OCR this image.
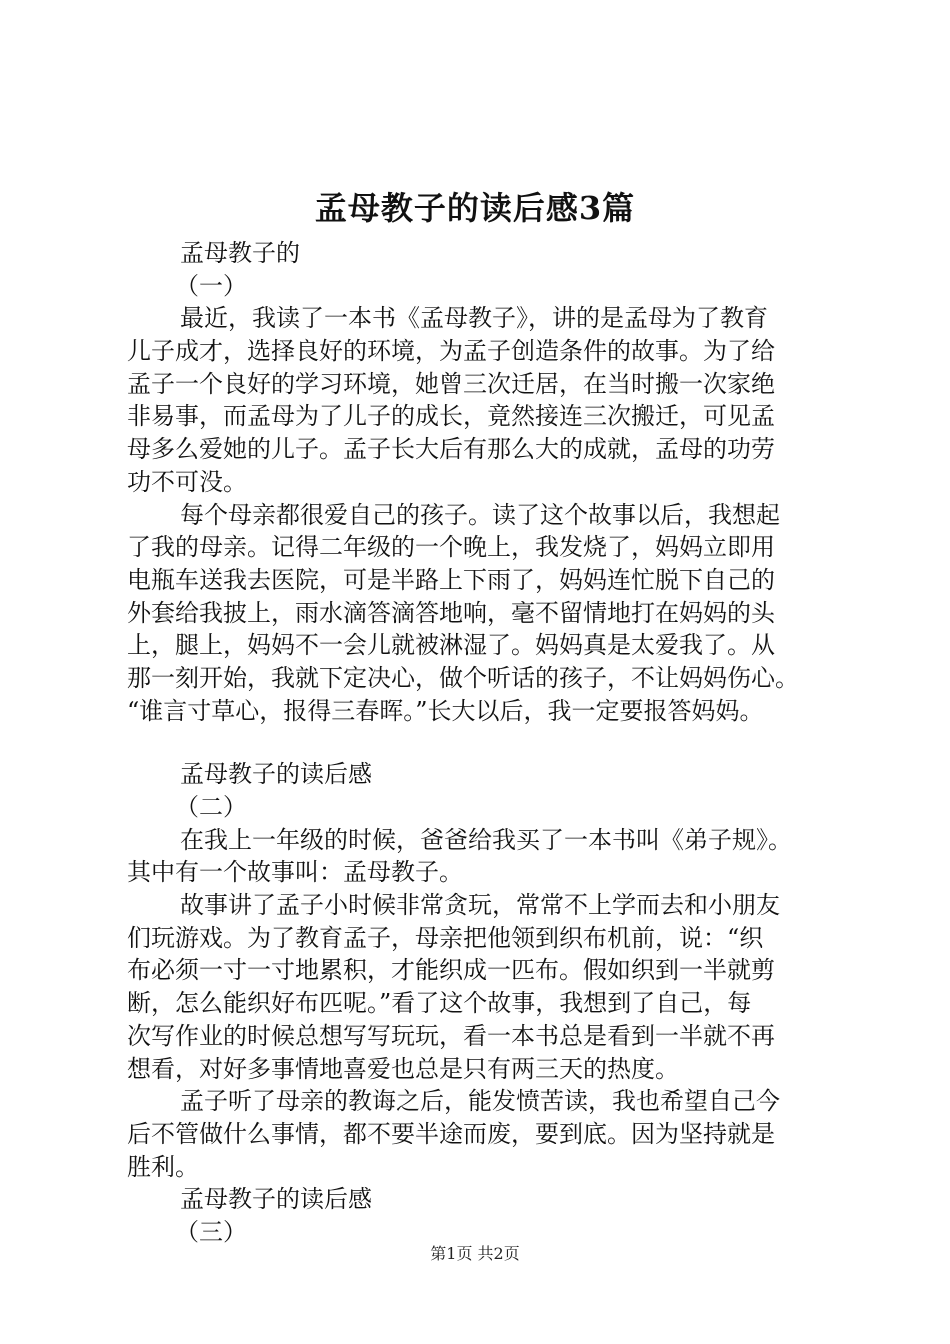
孟母教子的读后感3篇
孟母教子的
（一）
最近，我读了一本书《孟母教子》，讲的是孟母为了教育
儿子成才，选择良好的环境，为孟子创造条件的故事。为了给
孟子一个良好的学习环境，她曾三次迁居，在当时搬一次家绝
非易事，而孟母为了儿子的成长，竟然接连三次搬迁，可见孟
母多么爱她的儿子。孟子长大后有那么大的成就，孟母的功劳
功不可没。
每个母亲都很爱自己的孩子。读了这个故事以后，我想起
了我的母亲。记得二年级的一个晚上，我发烧了，妈妈立即用
电瓶车送我去医院，可是半路上下雨了，妈妈连忙脱下自己的
外套给我披上，雨水滴答滴答地响，毫不留情地打在妈妈的头
上，腿上，妈妈不一会儿就被淋湿了。妈妈真是太爱我了。从
那一刻开始，我就下定决心，做个听话的孩子，不让妈妈伤心。
“谁言寸草心，报得三春晖。”长大以后，我一定要报答妈妈。
孟母教子的读后感
（二）
在我上一年级的时候，爸爸给我买了一本书叫《弟子规》。
其中有一个故事叫：孟母教子。
故事讲了孟子小时候非常贪玩，常常不上学而去和小朋友
们玩游戏。为了教育孟子，母亲把他领到织布机前，说：“织
布必须一寸一寸地累积，才能织成一匹布。假如织到一半就剪
断，怎么能织好布匹呢。”看了这个故事，我想到了自己，每
次写作业的时候总想写写玩玩，看一本书总是看到一半就不再
想看，对好多事情地喜爱也总是只有两三天的热度。
孟子听了母亲的教诲之后，能发愤苦读，我也希望自己今
后不管做什么事情，都不要半途而废，要到底。因为坚持就是
胜利。
孟母教子的读后感
（三）
第1页 共2页
